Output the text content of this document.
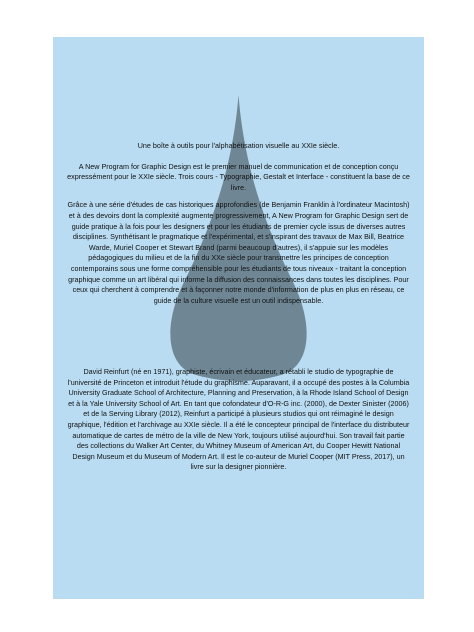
Une boîte à outils pour l'alphabétisation visuelle au XXIe siècle.

A New Program for Graphic Design est le premier manuel de communication et de conception conçu expressément pour le XXIe siècle. Trois cours - Typographie, Gestalt et Interface - constituent la base de ce livre.

Grâce à une série d'études de cas historiques approfondies (de Benjamin Franklin à l'ordinateur Macintosh) et à des devoirs dont la complexité augmente progressivement, A New Program for Graphic Design sert de guide pratique à la fois pour les designers et pour les étudiants de premier cycle issus de diverses autres disciplines. Synthétisant le pragmatique et l'expérimental, et s'inspirant des travaux de Max Bill, Beatrice Warde, Muriel Cooper et Stewart Brand (parmi beaucoup d'autres), il s'appuie sur les modèles pédagogiques du milieu et de la fin du XXe siècle pour transmettre les principes de conception contemporains sous une forme compréhensible pour les étudiants de tous niveaux - traitant la conception graphique comme un art libéral qui informe la diffusion des connaissances dans toutes les disciplines. Pour ceux qui cherchent à comprendre et à façonner notre monde d'information de plus en plus en réseau, ce guide de la culture visuelle est un outil indispensable.

David Reinfurt (né en 1971), graphiste, écrivain et éducateur, a rétabli le studio de typographie de l'université de Princeton et introduit l'étude du graphisme. Auparavant, il a occupé des postes à la Columbia University Graduate School of Architecture, Planning and Preservation, à la Rhode Island School of Design et à la Yale University School of Art. En tant que cofondateur d'O-R-G inc. (2000), de Dexter Sinister (2006) et de la Serving Library (2012), Reinfurt a participé à plusieurs studios qui ont réimaginé le design graphique, l'édition et l'archivage au XXIe siècle. Il a été le concepteur principal de l'interface du distributeur automatique de cartes de métro de la ville de New York, toujours utilisé aujourd'hui. Son travail fait partie des collections du Walker Art Center, du Whitney Museum of American Art, du Cooper Hewitt National Design Museum et du Museum of Modern Art. Il est le co-auteur de Muriel Cooper (MIT Press, 2017), un livre sur la designer pionnière.
